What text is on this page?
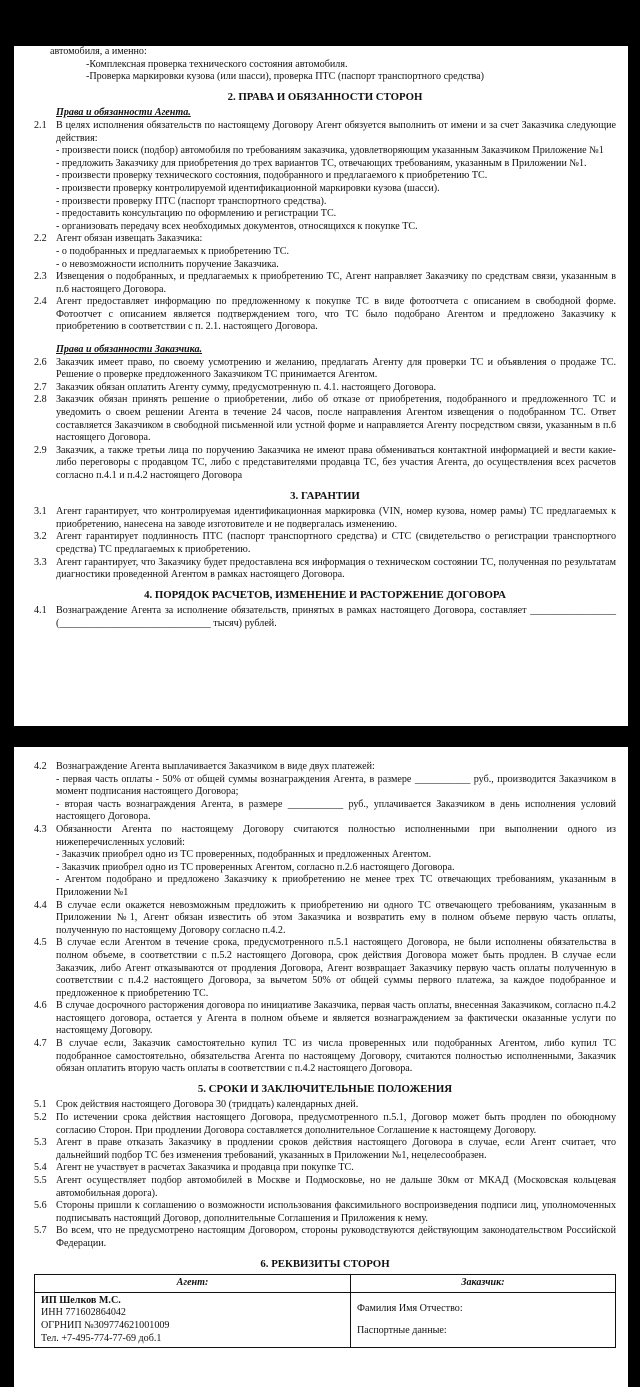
автомобиля, а именно:
-Комплексная проверка технического состояния автомобиля.
-Проверка маркировки кузова (или шасси), проверка ПТС (паспорт транспортного средства)
2. ПРАВА И ОБЯЗАННОСТИ СТОРОН
Права и обязанности Агента.
2.1 В целях исполнения обязательств по настоящему Договору Агент обязуется выполнить от имени и за счет Заказчика следующие действия:
- произвести поиск (подбор) автомобиля по требованиям заказчика, удовлетворяющим указанным Заказчиком Приложение №1
- предложить Заказчику для приобретения до трех вариантов ТС, отвечающих требованиям, указанным в Приложении №1.
- произвести проверку технического состояния, подобранного и предлагаемого к приобретению ТС.
- произвести проверку контролируемой идентификационной маркировки кузова (шасси).
- произвести проверку ПТС (паспорт транспортного средства).
- предоставить консультацию по оформлению и регистрации ТС.
- организовать передачу всех необходимых документов, относящихся к покупке ТС.
2.2 Агент обязан извещать Заказчика:
- о подобранных и предлагаемых к приобретению ТС.
- о невозможности исполнить поручение Заказчика.
2.3 Извещения о подобранных, и предлагаемых к приобретению ТС, Агент направляет Заказчику по средствам связи, указанным в п.6 настоящего Договора.
2.4 Агент предоставляет информацию по предложенному к покупке ТС в виде фотоотчета с описанием в свободной форме. Фотоотчет с описанием является подтверждением того, что ТС было подобрано Агентом и предложено Заказчику к приобретению в соответствии с п. 2.1. настоящего Договора.
Права и обязанности Заказчика.
2.6 Заказчик имеет право, по своему усмотрению и желанию, предлагать Агенту для проверки ТС и объявления о продаже ТС. Решение о проверке предложенного Заказчиком ТС принимается Агентом.
2.7 Заказчик обязан оплатить Агенту сумму, предусмотренную п. 4.1. настоящего Договора.
2.8 Заказчик обязан принять решение о приобретении, либо об отказе от приобретения, подобранного и предложенного ТС и уведомить о своем решении Агента в течение 24 часов, после направления Агентом извещения о подобранном ТС. Ответ составляется Заказчиком в свободной письменной или устной форме и направляется Агенту посредством связи, указанным в п.6 настоящего Договора.
2.9 Заказчик, а также третьи лица по поручению Заказчика не имеют права обмениваться контактной информацией и вести какие-либо переговоры с продавцом ТС, либо с представителями продавца ТС, без участия Агента, до осуществления всех расчетов согласно п.4.1 и п.4.2 настоящего Договора
3. ГАРАНТИИ
3.1 Агент гарантирует, что контролируемая идентификационная маркировка (VIN, номер кузова, номер рамы) ТС предлагаемых к приобретению, нанесена на заводе изготовителе и не подвергалась изменению.
3.2 Агент гарантирует подлинность ПТС (паспорт транспортного средства) и СТС (свидетельство о регистрации транспортного средства) ТС предлагаемых к приобретению.
3.3 Агент гарантирует, что Заказчику будет предоставлена вся информация о техническом состоянии ТС, полученная по результатам диагностики проведенной Агентом в рамках настоящего Договора.
4. ПОРЯДОК РАСЧЕТОВ, ИЗМЕНЕНИЕ И РАСТОРЖЕНИЕ ДОГОВОРА
4.1 Вознаграждение Агента за исполнение обязательств, принятых в рамках настоящего Договора, составляет _________________ (______________________________ тысяч) рублей.
4.2 Вознаграждение Агента выплачивается Заказчиком в виде двух платежей:
- первая часть оплаты - 50% от общей суммы вознаграждения Агента, в размере ___________ руб., производится Заказчиком в момент подписания настоящего Договора;
- вторая часть вознаграждения Агента, в размере ___________ руб., уплачивается Заказчиком в день исполнения условий настоящего Договора.
4.3 Обязанности Агента по настоящему Договору считаются полностью исполненными при выполнении одного из нижеперечисленных условий:
- Заказчик приобрел одно из ТС проверенных, подобранных и предложенных Агентом.
- Заказчик приобрел одно из ТС проверенных Агентом, согласно п.2.6 настоящего Договора.
- Агентом подобрано и предложено Заказчику к приобретению не менее трех ТС отвечающих требованиям, указанным в Приложении №1
4.4 В случае если окажется невозможным предложить к приобретению ни одного ТС отвечающего требованиям, указанным в Приложении №1, Агент обязан известить об этом Заказчика и возвратить ему в полном объеме первую часть оплаты, полученную по настоящему Договору согласно п.4.2.
4.5 В случае если Агентом в течение срока, предусмотренного п.5.1 настоящего Договора, не были исполнены обязательства в полном объеме, в соответствии с п.5.2 настоящего Договора, срок действия Договора может быть продлен. В случае если Заказчик, либо Агент отказываются от продления Договора, Агент возвращает Заказчику первую часть оплаты полученную в соответствии с п.4.2 настоящего Договора, за вычетом 50% от общей суммы первого платежа, за каждое подобранное и предложенное к приобретению ТС.
4.6 В случае досрочного расторжения договора по инициативе Заказчика, первая часть оплаты, внесенная Заказчиком, согласно п.4.2 настоящего договора, остается у Агента в полном объеме и является вознаграждением за фактически оказанные услуги по настоящему Договору.
4.7 В случае если, Заказчик самостоятельно купил ТС из числа проверенных или подобранных Агентом, либо купил ТС подобранное самостоятельно, обязательства Агента по настоящему Договору, считаются полностью исполненными, Заказчик обязан оплатить вторую часть оплаты в соответствии с п.4.2 настоящего Договора.
5. СРОКИ И ЗАКЛЮЧИТЕЛЬНЫЕ ПОЛОЖЕНИЯ
5.1 Срок действия настоящего Договора 30 (тридцать) календарных дней.
5.2 По истечении срока действия настоящего Договора, предусмотренного п.5.1, Договор может быть продлен по обоюдному согласию Сторон. При продлении Договора составляется дополнительное Соглашение к настоящему Договору.
5.3 Агент в праве отказать Заказчику в продлении сроков действия настоящего Договора в случае, если Агент считает, что дальнейший подбор ТС без изменения требований, указанных в Приложении №1, нецелесообразен.
5.4 Агент не участвует в расчетах Заказчика и продавца при покупке ТС.
5.5 Агент осуществляет подбор автомобилей в Москве и Подмосковье, но не дальше 30км от МКАД (Московская кольцевая автомобильная дорога).
5.6 Стороны пришли к соглашению о возможности использования факсимильного воспроизведения подписи лиц, уполномоченных подписывать настоящий Договор, дополнительные Соглашения и Приложения к нему.
5.7 Во всем, что не предусмотрено настоящим Договором, стороны руководствуются действующим законодательством Российской Федерации.
6. РЕКВИЗИТЫ СТОРОН
Агент:	Заказчик:

ИП Шелков М.С.
ИНН 771602864042
ОГРНИП №309774621001009
Тел. +7-495-774-77-69 доб.1	Фамилия Имя Отчество:
Паспортные данные:
